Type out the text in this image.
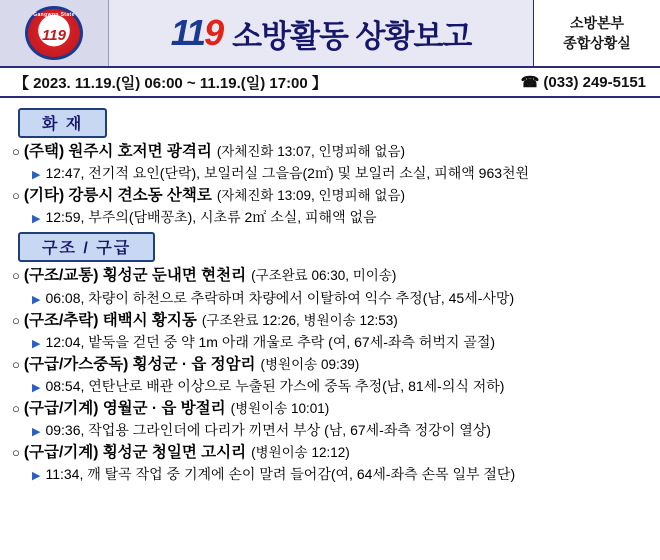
Gangwon State
119	119 소방활동 상황보고	소방본부
종합상황실
【 2023. 11.19.(일) 06:00 ~ 11.19.(일) 17:00 】	☎ (033) 249-5151
화 재
○ (주택) 원주시 호저면 광격리 (자체진화 13:07, 인명피해 없음)
▶ 12:47, 전기적 요인(단락), 보일러실 그을음(2㎡) 및 보일러 소실, 피해액 963천원
○ (기타) 강릉시 견소동 산책로 (자체진화 13:09, 인명피해 없음)
▶ 12:59, 부주의(담배꽁초), 시초류 2㎡ 소실, 피해액 없음
구조 / 구급
○ (구조/교통) 횡성군 둔내면 현천리 (구조완료 06:30, 미이송)
▶ 06:08, 차량이 하천으로 추락하며 차량에서 이탈하여 익수 추정(남, 45세-사망)
○ (구조/추락) 태백시 황지동 (구조완료 12:26, 병원이송 12:53)
▶ 12:04, 밭둑을 걷던 중 약 1m 아래 개울로 추락 (여, 67세-좌측 허벅지 골절)
○ (구급/가스중독) 횡성군 · 읍 정암리 (병원이송 09:39)
▶ 08:54, 연탄난로 배관 이상으로 누출된 가스에 중독 추정(남, 81세-의식 저하)
○ (구급/기계) 영월군 · 읍 방절리 (병원이송 10:01)
▶ 09:36, 작업용 그라인더에 다리가 끼면서 부상 (남, 67세-좌측 정강이 열상)
○ (구급/기계) 횡성군 청일면 고시리 (병원이송 12:12)
▶ 11:34, 깨 탈곡 작업 중 기계에 손이 말려 들어감(여, 64세-좌측 손목 일부 절단)
